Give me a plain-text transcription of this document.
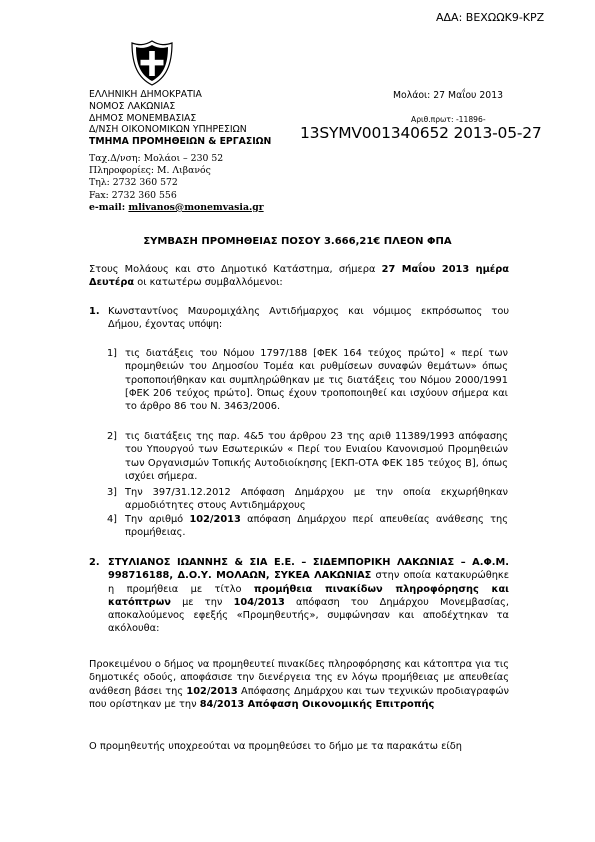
ΑΔΑ: ΒΕΧΩΩΚ9-ΚΡΖ
ΕΛΛΗΝΙΚΗ ΔΗΜΟΚΡΑΤΙΑ
ΝΟΜΟΣ ΛΑΚΩΝΙΑΣ
ΔΗΜΟΣ ΜΟΝΕΜΒΑΣΙΑΣ
Δ/ΝΣΗ ΟΙΚΟΝΟΜΙΚΩΝ ΥΠΗΡΕΣΙΩΝ
ΤΜΗΜΑ ΠΡΟΜΗΘΕΙΩΝ & ΕΡΓΑΣΙΩΝ
Ταχ.Δ/νση: Μολάοι – 230 52
Πληροφορίες: Μ. Λιβανός
Τηλ: 2732 360 572
Fax: 2732 360 556
e-mail: mlivanos@monemvasia.gr
Μολάοι: 27 Μαΐου 2013
Αριθ.πρωτ: -11896-
13SYMV001340652 2013-05-27
ΣΥΜΒΑΣΗ ΠΡΟΜΗΘΕΙΑΣ ΠΟΣΟΥ 3.666,21€ ΠΛΕΟΝ ΦΠΑ
Στους Μολάους και στο Δημοτικό Κατάστημα, σήμερα 27 Μαΐου 2013 ημέρα Δευτέρα οι κατωτέρω συμβαλλόμενοι:
1. Κωνσταντίνος Μαυρομιχάλης Αντιδήμαρχος και νόμιμος εκπρόσωπος του Δήμου, έχοντας υπόψη:
1] τις διατάξεις του Νόμου 1797/188 [ΦΕΚ 164 τεύχος πρώτο] « περί των προμηθειών του Δημοσίου Τομέα και ρυθμίσεων συναφών θεμάτων» όπως τροποποιήθηκαν και συμπληρώθηκαν με τις διατάξεις του Νόμου 2000/1991 [ΦΕΚ 206 τεύχος πρώτο]. Όπως έχουν τροποποιηθεί και ισχύουν σήμερα και το άρθρο 86 του Ν. 3463/2006.
2] τις διατάξεις της παρ. 4&5 του άρθρου 23 της αριθ 11389/1993 απόφασης του Υπουργού των Εσωτερικών « Περί του Ενιαίου Κανονισμού Προμηθειών των Οργανισμών Τοπικής Αυτοδιοίκησης [ΕΚΠ-ΟΤΑ ΦΕΚ 185 τεύχος Β], όπως ισχύει σήμερα.
3] Την 397/31.12.2012 Απόφαση Δημάρχου με την οποία εκχωρήθηκαν αρμοδιότητες στους Αντιδημάρχους
4] Την αριθμό 102/2013 απόφαση Δημάρχου περί απευθείας ανάθεσης της προμήθειας.
2. ΣΤΥΛΙΑΝΟΣ ΙΩΑΝΝΗΣ & ΣΙΑ Ε.Ε. – ΣΙΔΕΜΠΟΡΙΚΗ ΛΑΚΩΝΙΑΣ – Α.Φ.Μ. 998716188, Δ.Ο.Υ. ΜΟΛΑΩΝ, ΣΥΚΕΑ ΛΑΚΩΝΙΑΣ στην οποία κατακυρώθηκε η προμήθεια με τίτλο προμήθεια πινακίδων πληροφόρησης και κατόπτρων με την 104/2013 απόφαση του Δημάρχου Μονεμβασίας, αποκαλούμενος εφεξής «Προμηθευτής», συμφώνησαν και αποδέχτηκαν τα ακόλουθα:
Προκειμένου ο δήμος να προμηθευτεί πινακίδες πληροφόρησης και κάτοπτρα για τις δημοτικές οδούς, αποφάσισε την διενέργεια της εν λόγω προμήθειας με απευθείας ανάθεση βάσει της 102/2013 Απόφασης Δημάρχου και των τεχνικών προδιαγραφών που ορίστηκαν με την 84/2013 Απόφαση Οικονομικής Επιτροπής
Ο προμηθευτής υποχρεούται να προμηθεύσει το δήμο με τα παρακάτω είδη
